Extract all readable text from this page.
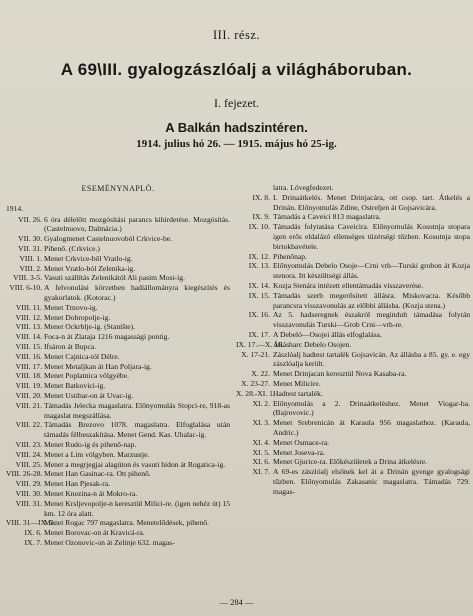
III. rész.
A 69\III. gyalogzászlóalj a világháboruban.
I. fejezet.
A Balkán hadszintéren.
1914. julius hó 26. — 1915. május hó 25-ig.
ESEMÉNYNAPLÓ.
1914.
VII. 26. 6 óra délelőtt mozgósítási parancs kihirdetése. Mozgósítás. (Castelnuovo, Dalmácia.)
VII. 30. Gyalogmenet Castelnuovoból Crkvice-be.
VII. 31. Pihenő. (Crkvice.)
VIII. 1. Menet Crkvice-ből Vratlo-ig.
VIII. 2. Menet Vratlo-ból Zelenika-ig.
VIII. 3-5. Vasuti szállítás Zelenikától Ali pasim Most-ig.
VIII. 6-10. A felvonulási körzetben hadiállományra kiegészítés és gyakorlatok. (Kotorac.)
VIII. 11. Menet Trnovo-ig.
VIII. 12. Menet Dobropolje-ig.
VIII. 13. Menet Ockrblje-ig. (Stanište).
VIII. 14. Foca-n át Zlataja 1216 magassági pontig.
VIII. 15. Ifsáron át Bupca.
VIII. 16. Menet Cajnica-tól Délre.
VIII. 17. Menet Metaljkan át Han Poljara-ig.
VIII. 18. Menet Poplatnica völgyébe.
VIII. 19. Menet Batkovici-ig.
VIII. 20. Menet Ustibar-on át Uvac-ig.
VIII. 21. Támadás Jelecka magaslatra. Előnyomulás Stopci-re, 918-as magaslat megszállása.
VIII. 22. Támadás Brezovo 1078. magaslatra. Elfoglalása után támadás félbeszakítása. Menet Gend. Kas. Uhalac-ig.
VIII. 23. Menet Rudo-ig és pihenő-nap.
VIII. 24. Menet a Lim völgyben. Marzustje.
VIII. 25. Menet a megrjegjai alagúton és vasuti hidon át Rogatica-ig.
VIII. 26-28. Menet Han Gasinac-ra. Ott pihenő.
VIII. 29. Menet Han Pjesak-ra.
VIII. 30. Menet Knezina-n át Mokro-ra.
VIII. 31. Menet Krsljevopolje-n keresztül Milici-re. (igen nehéz út) 15 km. 12 óra alatt.
VIII. 31—IX. 5.
Menet Rogac 797 magaslatra. Menetelődések, pihenő.
IX. 6. Menet Borovac-on át Kravicá-ra.
IX. 7. Menet Ozonovic-on át Zelinje 632. magas-
latra. Lövegfedezet.
IX. 8. I. Drinaátkelés. Menet Drinjacára, ott csop. tart. Átkelés a Drinán. Előnyomulás Zdine, Ostreljen át Gojsavicára.
IX. 9. Támadás a Caveici 813 magaslatra.
IX. 10. Támadás folytatása Caveicira. Előnyomulás Kosutnja stopara igen erős eldalázó ellenséges tüzérségi tűzben. Kosutnja stopa birtokbavétele.
IX. 12. Pihenőnap.
IX. 13. Előnyomulás Debelo Osoje—Crni vrh—Turski grobon át Kozja stenora. Itt készültségi állás.
IX. 14. Kozja Stenára intézett ellentámadás visszaverése.
IX. 15. Támadás szerb megerősített állásra. Miskovacra. Később parancsra visszavonulás az előbbi állásba. (Kozja stena.)
IX. 16. Az 5. hadseregnek északról megindult támadása folytán visszavonulás Turski—Grob Crni—vrh-re.
IX. 17. A Debeló—Osojei állás elfoglalása.
IX. 17.—X. 16.
Állásharc Debelo Osojen.
X. 17-21. Zászlóalj hadtest tartalék Gojsavicán. Az állásba a 85. gy. e. egy zászlóalja került.
X. 22. Menet Drinjacan keresztül Nova Kasaba-ra.
X. 23-27. Menet Milicire.
X. 28.-XI. 1.
Hadtest tartalék.
XI. 2. Előnyomulás a 2. Drinaátkeléshez. Menet Viogar-ba. (Bajrovovic.)
XI. 3. Menet Srebrenicán át Karaula 956 magaslathoz. (Karaula, Andric.)
XI. 4. Menet Osmace-ra.
XI. 5. Menet Joseva-ra.
XI. 6. Menet Gjurice-ra. Előkészületek a Drina átkelésre.
XI. 7. A 69-es zászlóalj elsőnek kel át a Drinán gyenge gyalogsági tűzben. Előnyomulás Zakasanic magaslatra. Támadás 729. magas-
— 284 —
